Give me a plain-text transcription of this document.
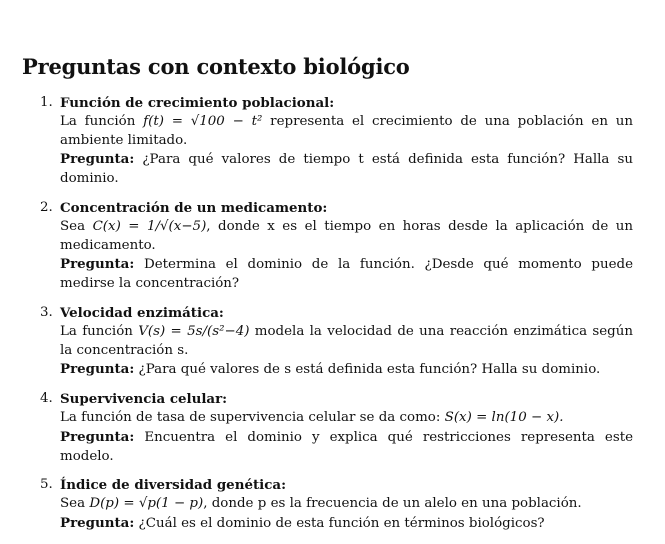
Preguntas con contexto biológico
1. Función de crecimiento poblacional:
La función f(t) = √100 − t² representa el crecimiento de una población en un ambiente limitado.
Pregunta: ¿Para qué valores de tiempo t está definida esta función? Halla su dominio.
2. Concentración de un medicamento:
Sea C(x) = 1/√(x−5), donde x es el tiempo en horas desde la aplicación de un medicamento.
Pregunta: Determina el dominio de la función. ¿Desde qué momento puede medirse la concentración?
3. Velocidad enzimática:
La función V(s) = 5s/(s²−4) modela la velocidad de una reacción enzimática según la concentración s.
Pregunta: ¿Para qué valores de s está definida esta función? Halla su dominio.
4. Supervivencia celular:
La función de tasa de supervivencia celular se da como: S(x) = ln(10 − x).
Pregunta: Encuentra el dominio y explica qué restricciones representa este modelo.
5. Índice de diversidad genética:
Sea D(p) = √p(1 − p), donde p es la frecuencia de un alelo en una población.
Pregunta: ¿Cuál es el dominio de esta función en términos biológicos?
